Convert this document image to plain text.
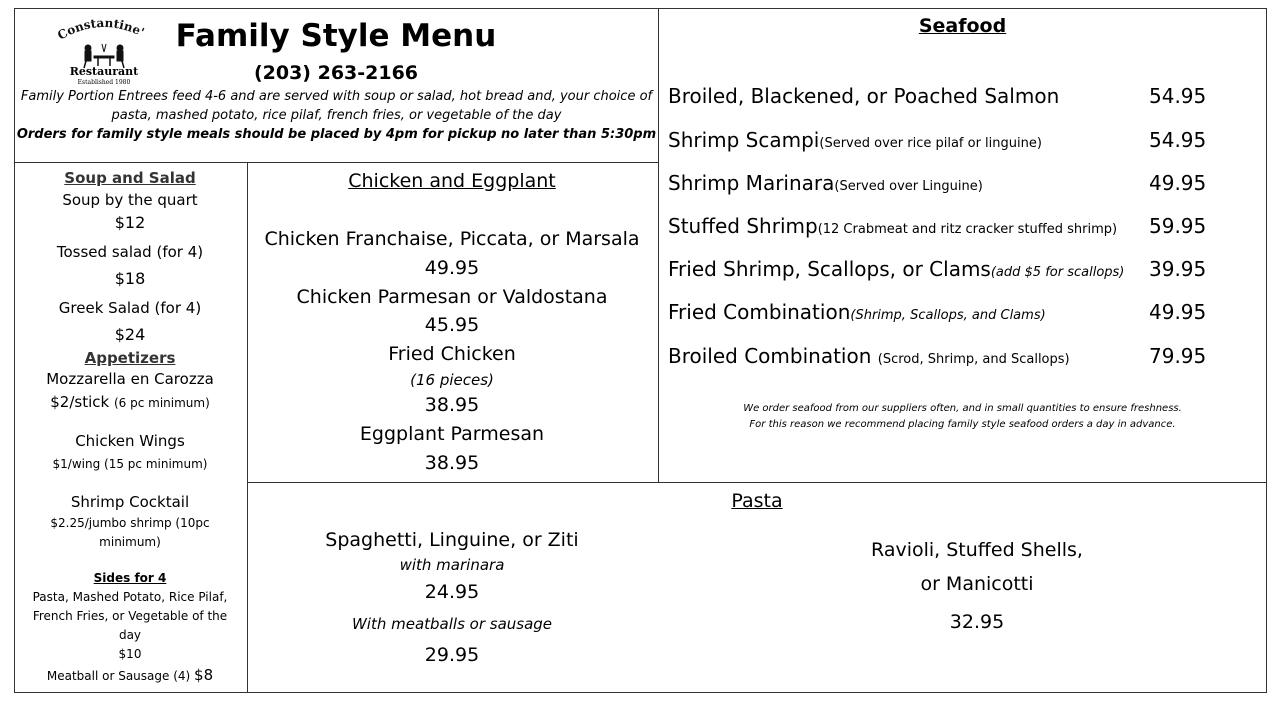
onstantine'
Restaurant
Established 1980
Family Style Menu
(203) 263-2166
Family Portion Entrees feed 4-6 and are served with soup or salad, hot bread and, your choice of
pasta, mashed potato, rice pilaf, french fries, or vegetable of the day
Orders for family style meals should be placed by 4pm for pickup no later than 5:30pm
Soup and Salad
Soup by the quart
$12
Tossed salad (for 4)
$18
Greek Salad (for 4)
$24
Appetizers
Mozzarella en Carozza
$2/stick (6 pc minimum)
Chicken Wings
$1/wing (15 pc minimum)
Shrimp Cocktail
$2.25/jumbo shrimp (10pc
minimum)
Sides for 4
Pasta, Mashed Potato, Rice Pilaf,
French Fries, or Vegetable of the
day
$10
Meatball or Sausage (4) $8
Chicken and Eggplant
Chicken Franchaise, Piccata, or Marsala
49.95
Chicken Parmesan or Valdostana
45.95
Fried Chicken
(16 pieces)
38.95
Eggplant Parmesan
38.95
Seafood
Broiled, Blackened, or Poached Salmon	54.95
Shrimp Scampi(Served over rice pilaf or linguine)	54.95
Shrimp Marinara(Served over Linguine)	49.95
Stuffed Shrimp(12 Crabmeat and ritz cracker stuffed shrimp) 59.95
Fried Shrimp, Scallops, or Clams(add $5 for scallops) 39.95
Fried Combination(Shrimp, Scallops, and Clams)	49.95
Broiled Combination (Scrod, Shrimp, and Scallops)	79.95
We order seafood from our suppliers often, and in small quantities to ensure freshness.
For this reason we recommend placing family style seafood orders a day in advance.
Pasta
Spaghetti, Linguine, or Ziti
with marinara
24.95
With meatballs or sausage
29.95
Ravioli, Stuffed Shells,
or Manicotti
32.95
